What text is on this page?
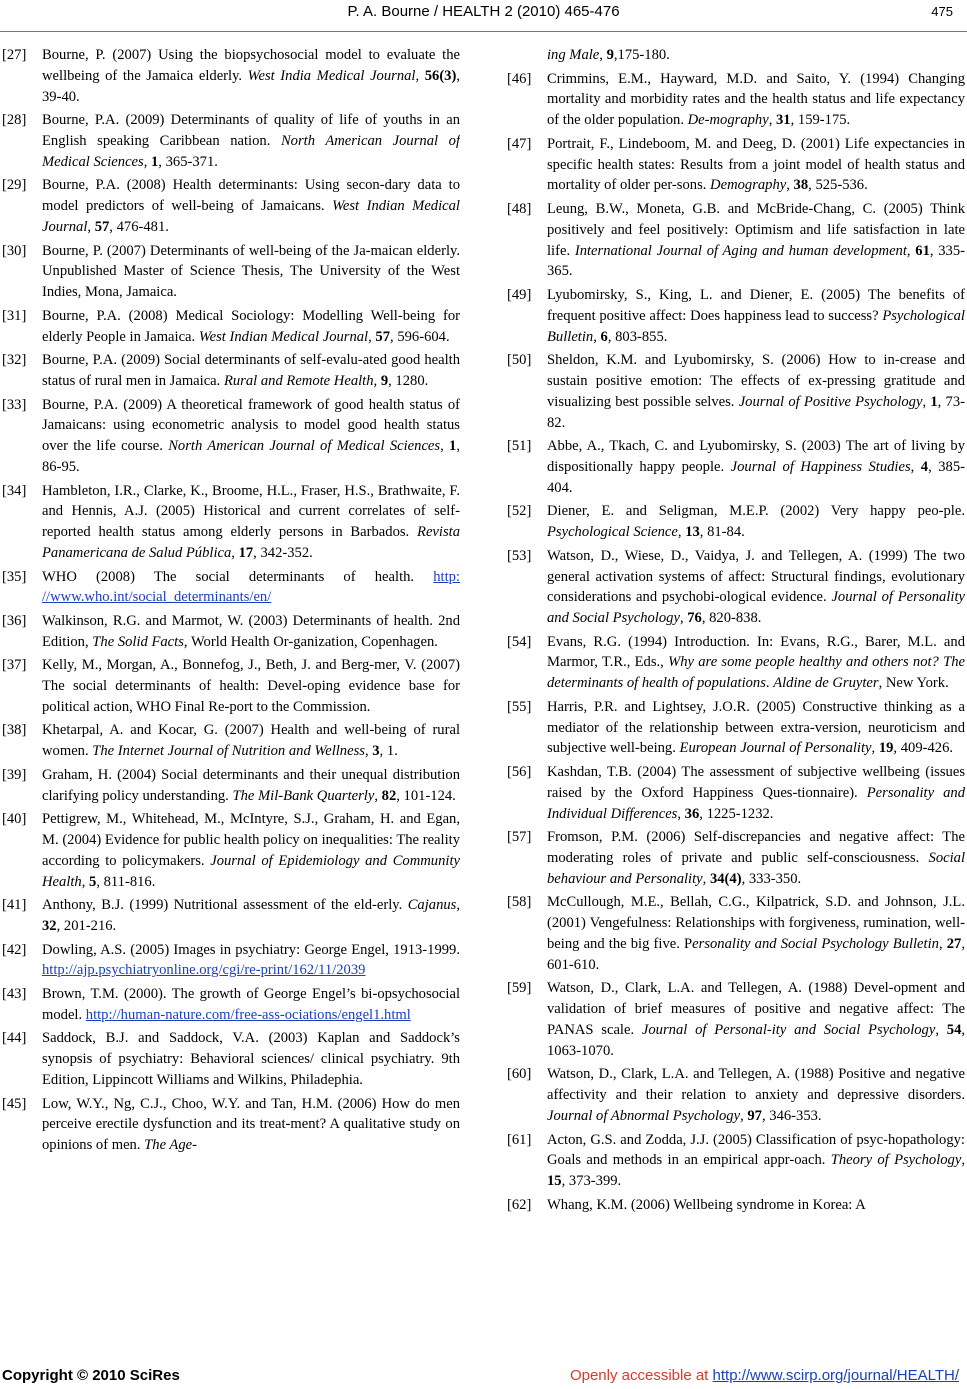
P. A. Bourne / HEALTH 2 (2010) 465-476	475
[27] Bourne, P. (2007) Using the biopsychosocial model to evaluate the wellbeing of the Jamaica elderly. West India Medical Journal, 56(3), 39-40.
[28] Bourne, P.A. (2009) Determinants of quality of life of youths in an English speaking Caribbean nation. North American Journal of Medical Sciences, 1, 365-371.
[29] Bourne, P.A. (2008) Health determinants: Using secon-dary data to model predictors of well-being of Jamaicans. West Indian Medical Journal, 57, 476-481.
[30] Bourne, P. (2007) Determinants of well-being of the Ja-maican elderly. Unpublished Master of Science Thesis, The University of the West Indies, Mona, Jamaica.
[31] Bourne, P.A. (2008) Medical Sociology: Modelling Well-being for elderly People in Jamaica. West Indian Medical Journal, 57, 596-604.
[32] Bourne, P.A. (2009) Social determinants of self-evalu-ated good health status of rural men in Jamaica. Rural and Remote Health, 9, 1280.
[33] Bourne, P.A. (2009) A theoretical framework of good health status of Jamaicans: using econometric analysis to model good health status over the life course. North American Journal of Medical Sciences, 1, 86-95.
[34] Hambleton, I.R., Clarke, K., Broome, H.L., Fraser, H.S., Brathwaite, F. and Hennis, A.J. (2005) Historical and current correlates of self-reported health status among elderly persons in Barbados. Revista Panamericana de Salud Pública, 17, 342-352.
[35] WHO (2008) The social determinants of health. http: //www.who.int/social_determinants/en/
[36] Walkinson, R.G. and Marmot, W. (2003) Determinants of health. 2nd Edition, The Solid Facts, World Health Or-ganization, Copenhagen.
[37] Kelly, M., Morgan, A., Bonnefog, J., Beth, J. and Berg-mer, V. (2007) The social determinants of health: Devel-oping evidence base for political action, WHO Final Re-port to the Commission.
[38] Khetarpal, A. and Kocar, G. (2007) Health and well-being of rural women. The Internet Journal of Nutrition and Wellness, 3, 1.
[39] Graham, H. (2004) Social determinants and their unequal distribution clarifying policy understanding. The Mil-Bank Quarterly, 82, 101-124.
[40] Pettigrew, M., Whitehead, M., McIntyre, S.J., Graham, H. and Egan, M. (2004) Evidence for public health policy on inequalities: The reality according to policymakers. Journal of Epidemiology and Community Health, 5, 811-816.
[41] Anthony, B.J. (1999) Nutritional assessment of the eld-erly. Cajanus, 32, 201-216.
[42] Dowling, A.S. (2005) Images in psychiatry: George Engel, 1913-1999. http://ajp.psychiatryonline.org/cgi/re-print/162/11/2039
[43] Brown, T.M. (2000). The growth of George Engel’s bi-opsychosocial model. http://human-nature.com/free-ass-ociations/engel1.html
[44] Saddock, B.J. and Saddock, V.A. (2003) Kaplan and Saddock’s synopsis of psychiatry: Behavioral sciences/ clinical psychiatry. 9th Edition, Lippincott Williams and Wilkins, Philadephia.
[45] Low, W.Y., Ng, C.J., Choo, W.Y. and Tan, H.M. (2006) How do men perceive erectile dysfunction and its treat-ment? A qualitative study on opinions of men. The Age-
ing Male, 9,175-180.
[46] Crimmins, E.M., Hayward, M.D. and Saito, Y. (1994) Changing mortality and morbidity rates and the health status and life expectancy of the older population. De-mography, 31, 159-175.
[47] Portrait, F., Lindeboom, M. and Deeg, D. (2001) Life expectancies in specific health states: Results from a joint model of health status and mortality of older per-sons. Demography, 38, 525-536.
[48] Leung, B.W., Moneta, G.B. and McBride-Chang, C. (2005) Think positively and feel positively: Optimism and life satisfaction in late life. International Journal of Aging and human development, 61, 335-365.
[49] Lyubomirsky, S., King, L. and Diener, E. (2005) The benefits of frequent positive affect: Does happiness lead to success? Psychological Bulletin, 6, 803-855.
[50] Sheldon, K.M. and Lyubomirsky, S. (2006) How to in-crease and sustain positive emotion: The effects of ex-pressing gratitude and visualizing best possible selves. Journal of Positive Psychology, 1, 73-82.
[51] Abbe, A., Tkach, C. and Lyubomirsky, S. (2003) The art of living by dispositionally happy people. Journal of Happiness Studies, 4, 385-404.
[52] Diener, E. and Seligman, M.E.P. (2002) Very happy peo-ple. Psychological Science, 13, 81-84.
[53] Watson, D., Wiese, D., Vaidya, J. and Tellegen, A. (1999) The two general activation systems of affect: Structural findings, evolutionary considerations and psychobi-ological evidence. Journal of Personality and Social Psychology, 76, 820-838.
[54] Evans, R.G. (1994) Introduction. In: Evans, R.G., Barer, M.L. and Marmor, T.R., Eds., Why are some people healthy and others not? The determinants of health of populations. Aldine de Gruyter, New York.
[55] Harris, P.R. and Lightsey, J.O.R. (2005) Constructive thinking as a mediator of the relationship between extra-version, neuroticism and subjective well-being. European Journal of Personality, 19, 409-426.
[56] Kashdan, T.B. (2004) The assessment of subjective wellbeing (issues raised by the Oxford Happiness Ques-tionnaire). Personality and Individual Differences, 36, 1225-1232.
[57] Fromson, P.M. (2006) Self-discrepancies and negative affect: The moderating roles of private and public self-consciousness. Social behaviour and Personality, 34(4), 333-350.
[58] McCullough, M.E., Bellah, C.G., Kilpatrick, S.D. and Johnson, J.L. (2001) Vengefulness: Relationships with forgiveness, rumination, well-being and the big five. Personality and Social Psychology Bulletin, 27, 601-610.
[59] Watson, D., Clark, L.A. and Tellegen, A. (1988) Devel-opment and validation of brief measures of positive and negative affect: The PANAS scale. Journal of Personal-ity and Social Psychology, 54, 1063-1070.
[60] Watson, D., Clark, L.A. and Tellegen, A. (1988) Positive and negative affectivity and their relation to anxiety and depressive disorders. Journal of Abnormal Psychology, 97, 346-353.
[61] Acton, G.S. and Zodda, J.J. (2005) Classification of psyc-hopathology: Goals and methods in an empirical appr-oach. Theory of Psychology, 15, 373-399.
[62] Whang, K.M. (2006) Wellbeing syndrome in Korea: A
Copyright © 2010 SciRes	Openly accessible at http://www.scirp.org/journal/HEALTH/
